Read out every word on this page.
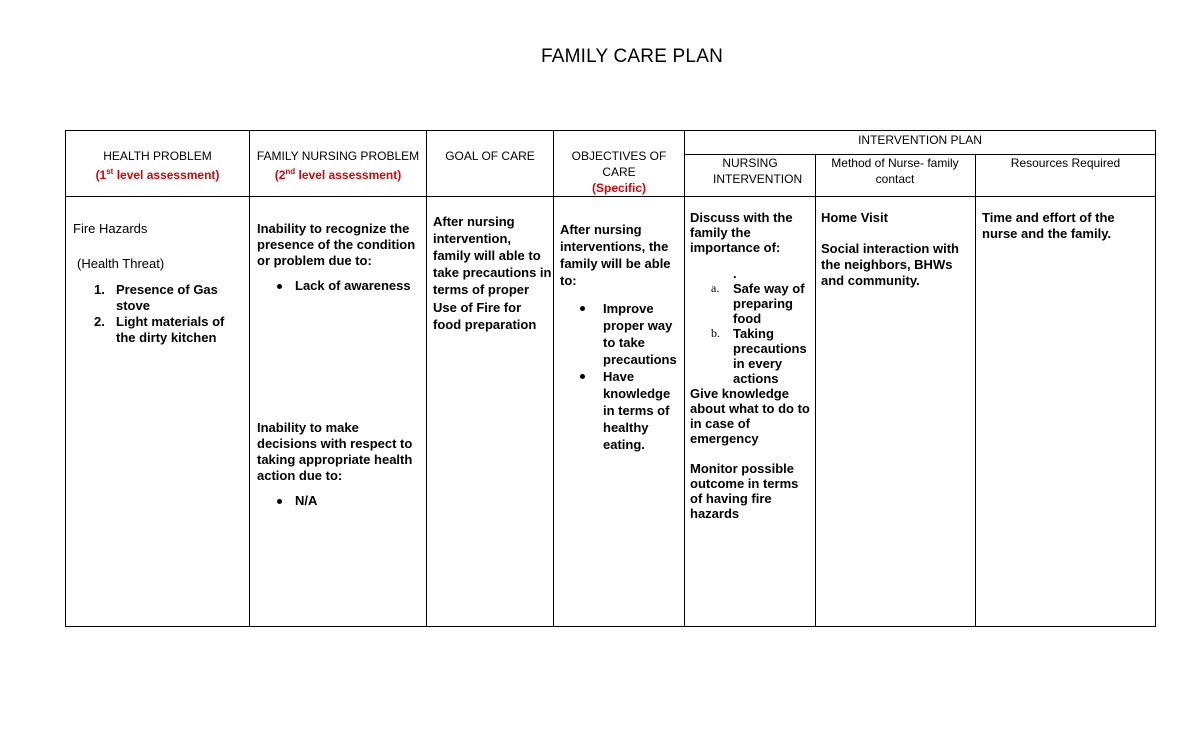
FAMILY CARE PLAN
HEALTH PROBLEM
(1st level assessment)
FAMILY NURSING PROBLEM
(2nd level assessment)
GOAL OF CARE	OBJECTIVES OF CARE
(Specific)
INTERVENTION PLAN
NURSING INTERVENTION
Method of Nurse- family contact
Resources Required

Fire Hazards

(Health Threat)

1. Presence of Gas stove
2. Light materials of the dirty kitchen

Inability to recognize the presence of the condition or problem due to:

Lack of awareness

Inability to make decisions with respect to taking appropriate health action due to:

N/A

After nursing intervention, family will able to take precautions in terms of proper

Use of Fire for food preparation

After nursing interventions, the family will be able to:

Improve proper way to take precautions
Have knowledge in terms of healthy eating.

Discuss with the family the importance of:

.

a. Safe way of preparing food
b. Taking precautions in every actions

Give knowledge about what to do to in case of emergency

Monitor possible outcome in terms of having fire hazards

Home Visit

Social interaction with the neighbors, BHWs and community.

Time and effort of the nurse and the family.
